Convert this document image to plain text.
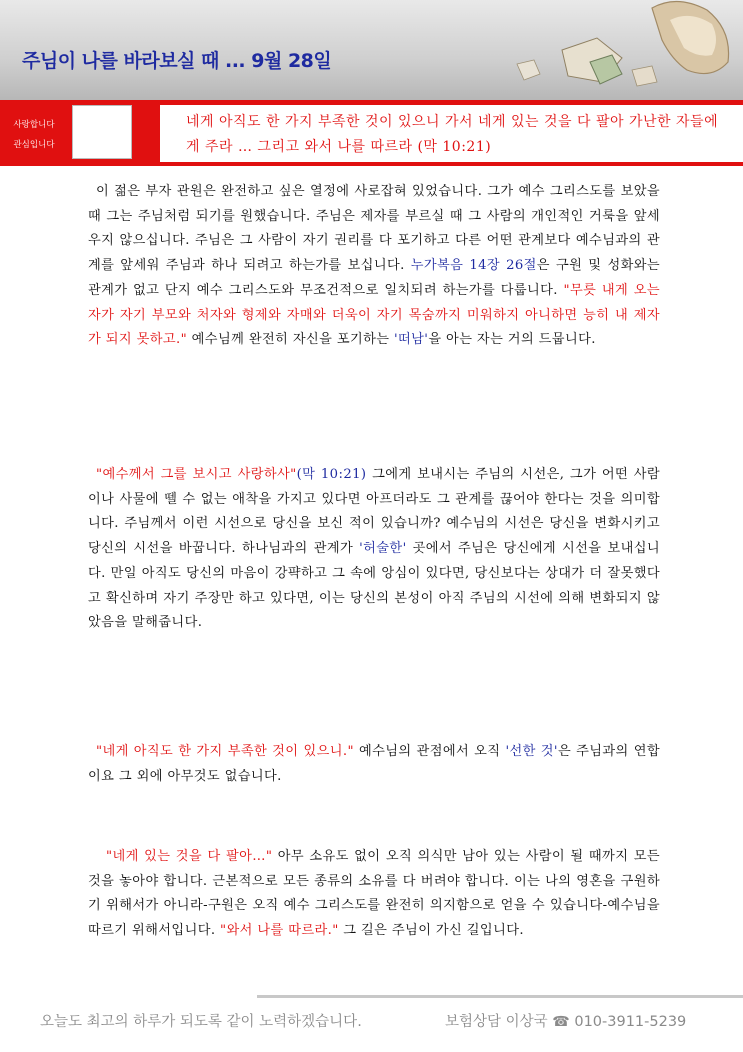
주님이 나를 바라보실 때 ... 9월 28일
사랑합니다
관심입니다
네게 아직도 한 가지 부족한 것이 있으니 가서 네게 있는 것을 다 팔아 가난한 자들에게 주라 … 그리고 와서 나를 따르라 (막 10:21)
이 젊은 부자 관원은 완전하고 싶은 열정에 사로잡혀 있었습니다. 그가 예수 그리스도를 보았을 때 그는 주님처럼 되기를 원했습니다. 주님은 제자를 부르실 때 그 사람의 개인적인 거룩을 앞세우지 않으십니다. 주님은 그 사람이 자기 권리를 다 포기하고 다른 어떤 관계보다 예수님과의 관계를 앞세워 주님과 하나 되려고 하는가를 보십니다. 누가복음 14장 26절은 구원 및 성화와는 관계가 없고 단지 예수 그리스도와 무조건적으로 일치되려 하는가를 다룹니다. "무릇 내게 오는 자가 자기 부모와 처자와 형제와 자매와 더욱이 자기 목숨까지 미워하지 아니하면 능히 내 제자가 되지 못하고." 예수님께 완전히 자신을 포기하는 '떠남'을 아는 자는 거의 드뭅니다.
"예수께서 그를 보시고 사랑하사"(막 10:21) 그에게 보내시는 주님의 시선은, 그가 어떤 사람이나 사물에 뗄 수 없는 애착을 가지고 있다면 아프더라도 그 관계를 끊어야 한다는 것을 의미합니다. 주님께서 이런 시선으로 당신을 보신 적이 있습니까? 예수님의 시선은 당신을 변화시키고 당신의 시선을 바꿉니다. 하나님과의 관계가 '허술한' 곳에서 주님은 당신에게 시선을 보내십니다. 만일 아직도 당신의 마음이 강퍅하고 그 속에 앙심이 있다면, 당신보다는 상대가 더 잘못했다고 확신하며 자기 주장만 하고 있다면, 이는 당신의 본성이 아직 주님의 시선에 의해 변화되지 않았음을 말해줍니다.
"네게 아직도 한 가지 부족한 것이 있으니." 예수님의 관점에서 오직 '선한 것'은 주님과의 연합이요 그 외에 아무것도 없습니다.
"네게 있는 것을 다 팔아…" 아무 소유도 없이 오직 의식만 남아 있는 사람이 될 때까지 모든 것을 놓아야 합니다. 근본적으로 모든 종류의 소유를 다 버려야 합니다. 이는 나의 영혼을 구원하기 위해서가 아니라-구원은 오직 예수 그리스도를 완전히 의지함으로 얻을 수 있습니다-예수님을 따르기 위해서입니다. "와서 나를 따르라." 그 길은 주님이 가신 길입니다.
오늘도 최고의 하루가 되도록 같이 노력하겠습니다.	보험상담 이상국 ☎ 010-3911-5239
